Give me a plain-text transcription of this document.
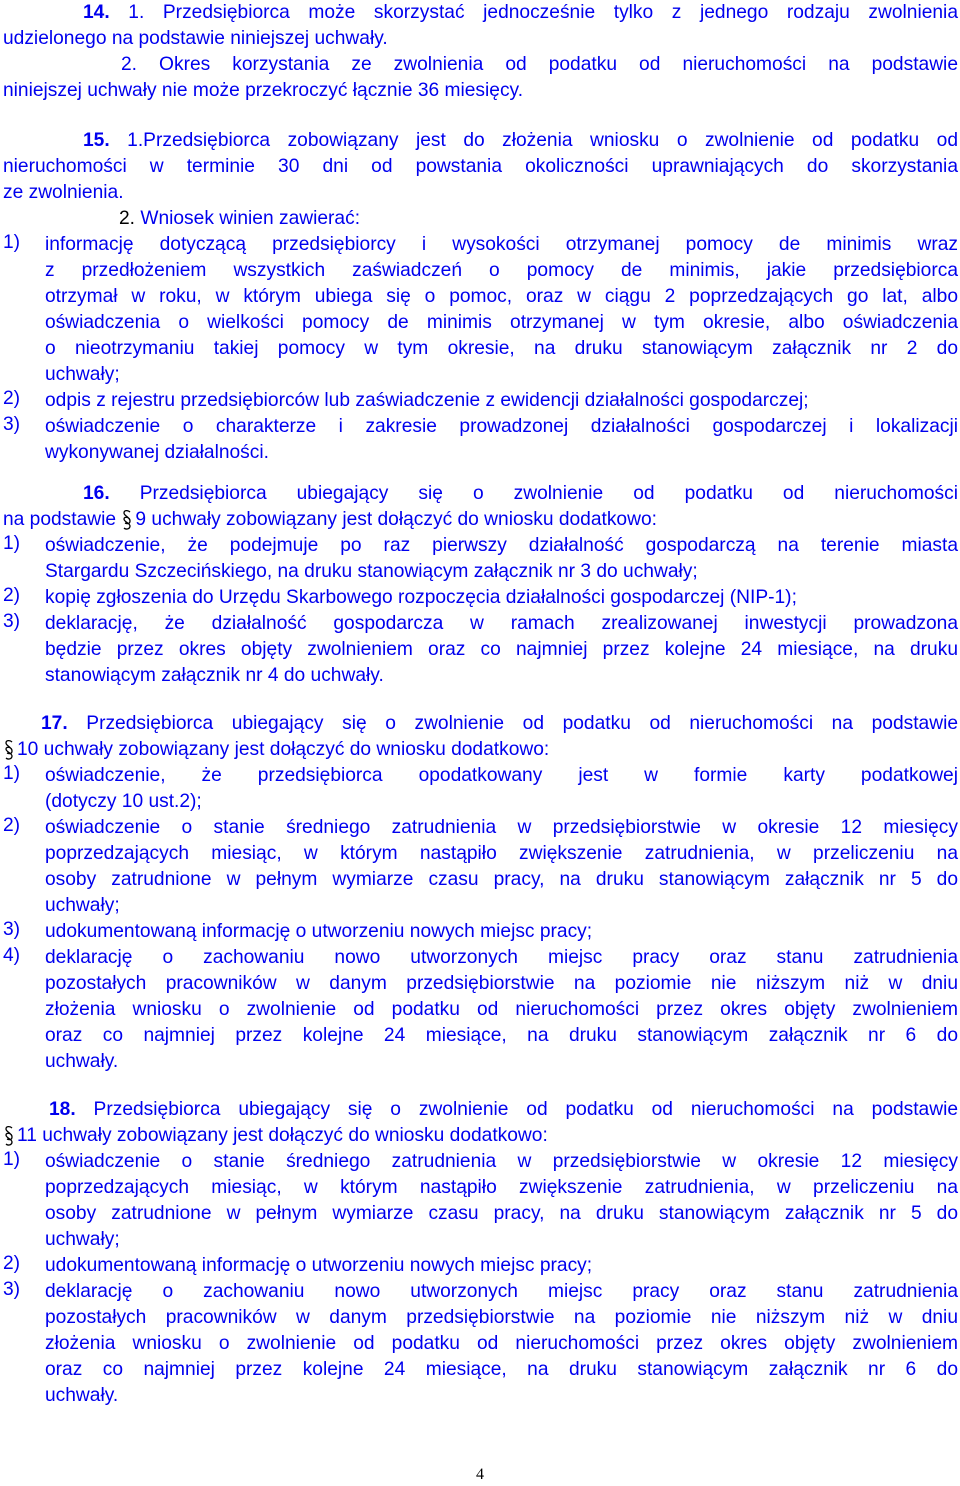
14. 1. Przedsiębiorca może skorzystać jednocześnie tylko z jednego rodzaju zwolnienia
udzielonego na podstawie niniejszej uchwały.
2. Okres korzystania ze zwolnienia od podatku od nieruchomości na podstawie
niniejszej uchwały nie może przekroczyć łącznie 36 miesięcy.
15. 1.Przedsiębiorca zobowiązany jest do złożenia wniosku o zwolnienie od podatku od
nieruchomości w terminie 30 dni od powstania okoliczności uprawniających do skorzystania
ze zwolnienia.
2. Wniosek winien zawierać:
1)	informację dotyczącą przedsiębiorcy i wysokości otrzymanej pomocy de minimis wraz
z przedłożeniem wszystkich zaświadczeń o pomocy de minimis, jakie przedsiębiorca
otrzymał w roku, w którym ubiega się o pomoc, oraz w ciągu 2 poprzedzających go lat, albo
oświadczenia o wielkości pomocy de minimis otrzymanej w tym okresie, albo oświadczenia
o nieotrzymaniu takiej pomocy w tym okresie, na druku stanowiącym załącznik nr 2 do
uchwały;
2)	odpis z rejestru przedsiębiorców lub zaświadczenie z ewidencji działalności gospodarczej;
3)	oświadczenie o charakterze i zakresie prowadzonej działalności gospodarczej i lokalizacji
wykonywanej działalności.
16. Przedsiębiorca ubiegający się o zwolnienie od podatku od nieruchomości
na podstawie
9 uchwały zobowiązany jest dołączyć do wniosku dodatkowo:
1)	oświadczenie, że podejmuje po raz pierwszy działalność gospodarczą na terenie miasta
Stargardu Szczecińskiego, na druku stanowiącym załącznik nr 3 do uchwały;
2)	kopię zgłoszenia do Urzędu Skarbowego rozpoczęcia działalności gospodarczej (NIP-1);
3)	deklarację, że działalność gospodarcza w ramach zrealizowanej inwestycji prowadzona
będzie przez okres objęty zwolnieniem oraz co najmniej przez kolejne 24 miesiące, na druku
stanowiącym załącznik nr 4 do uchwały.
17. Przedsiębiorca ubiegający się o zwolnienie od podatku od nieruchomości na podstawie
10 uchwały zobowiązany jest dołączyć do wniosku dodatkowo:
1)	oświadczenie, że przedsiębiorca opodatkowany jest w formie karty podatkowej
(dotyczy 10 ust.2);
2)	oświadczenie o stanie średniego zatrudnienia w przedsiębiorstwie w okresie 12 miesięcy
poprzedzających miesiąc, w którym nastąpiło zwiększenie zatrudnienia, w przeliczeniu na
osoby zatrudnione w pełnym wymiarze czasu pracy, na druku stanowiącym załącznik nr 5 do
uchwały;
3)	udokumentowaną informację o utworzeniu nowych miejsc pracy;
4)	deklarację o zachowaniu nowo utworzonych miejsc pracy oraz stanu zatrudnienia
pozostałych pracowników w danym przedsiębiorstwie na poziomie nie niższym niż w dniu
złożenia wniosku o zwolnienie od podatku od nieruchomości przez okres objęty zwolnieniem
oraz co najmniej przez kolejne 24 miesiące, na druku stanowiącym załącznik nr 6 do
uchwały.
18. Przedsiębiorca ubiegający się o zwolnienie od podatku od nieruchomości na podstawie
11 uchwały zobowiązany jest dołączyć do wniosku dodatkowo:
1)	oświadczenie o stanie średniego zatrudnienia w przedsiębiorstwie w okresie 12 miesięcy
poprzedzających miesiąc, w którym nastąpiło zwiększenie zatrudnienia, w przeliczeniu na
osoby zatrudnione w pełnym wymiarze czasu pracy, na druku stanowiącym załącznik nr 5 do
uchwały;
2)	udokumentowaną informację o utworzeniu nowych miejsc pracy;
3)	deklarację o zachowaniu nowo utworzonych miejsc pracy oraz stanu zatrudnienia
pozostałych pracowników w danym przedsiębiorstwie na poziomie nie niższym niż w dniu
złożenia wniosku o zwolnienie od podatku od nieruchomości przez okres objęty zwolnieniem
oraz co najmniej przez kolejne 24 miesiące, na druku stanowiącym załącznik nr 6 do
uchwały.
4
